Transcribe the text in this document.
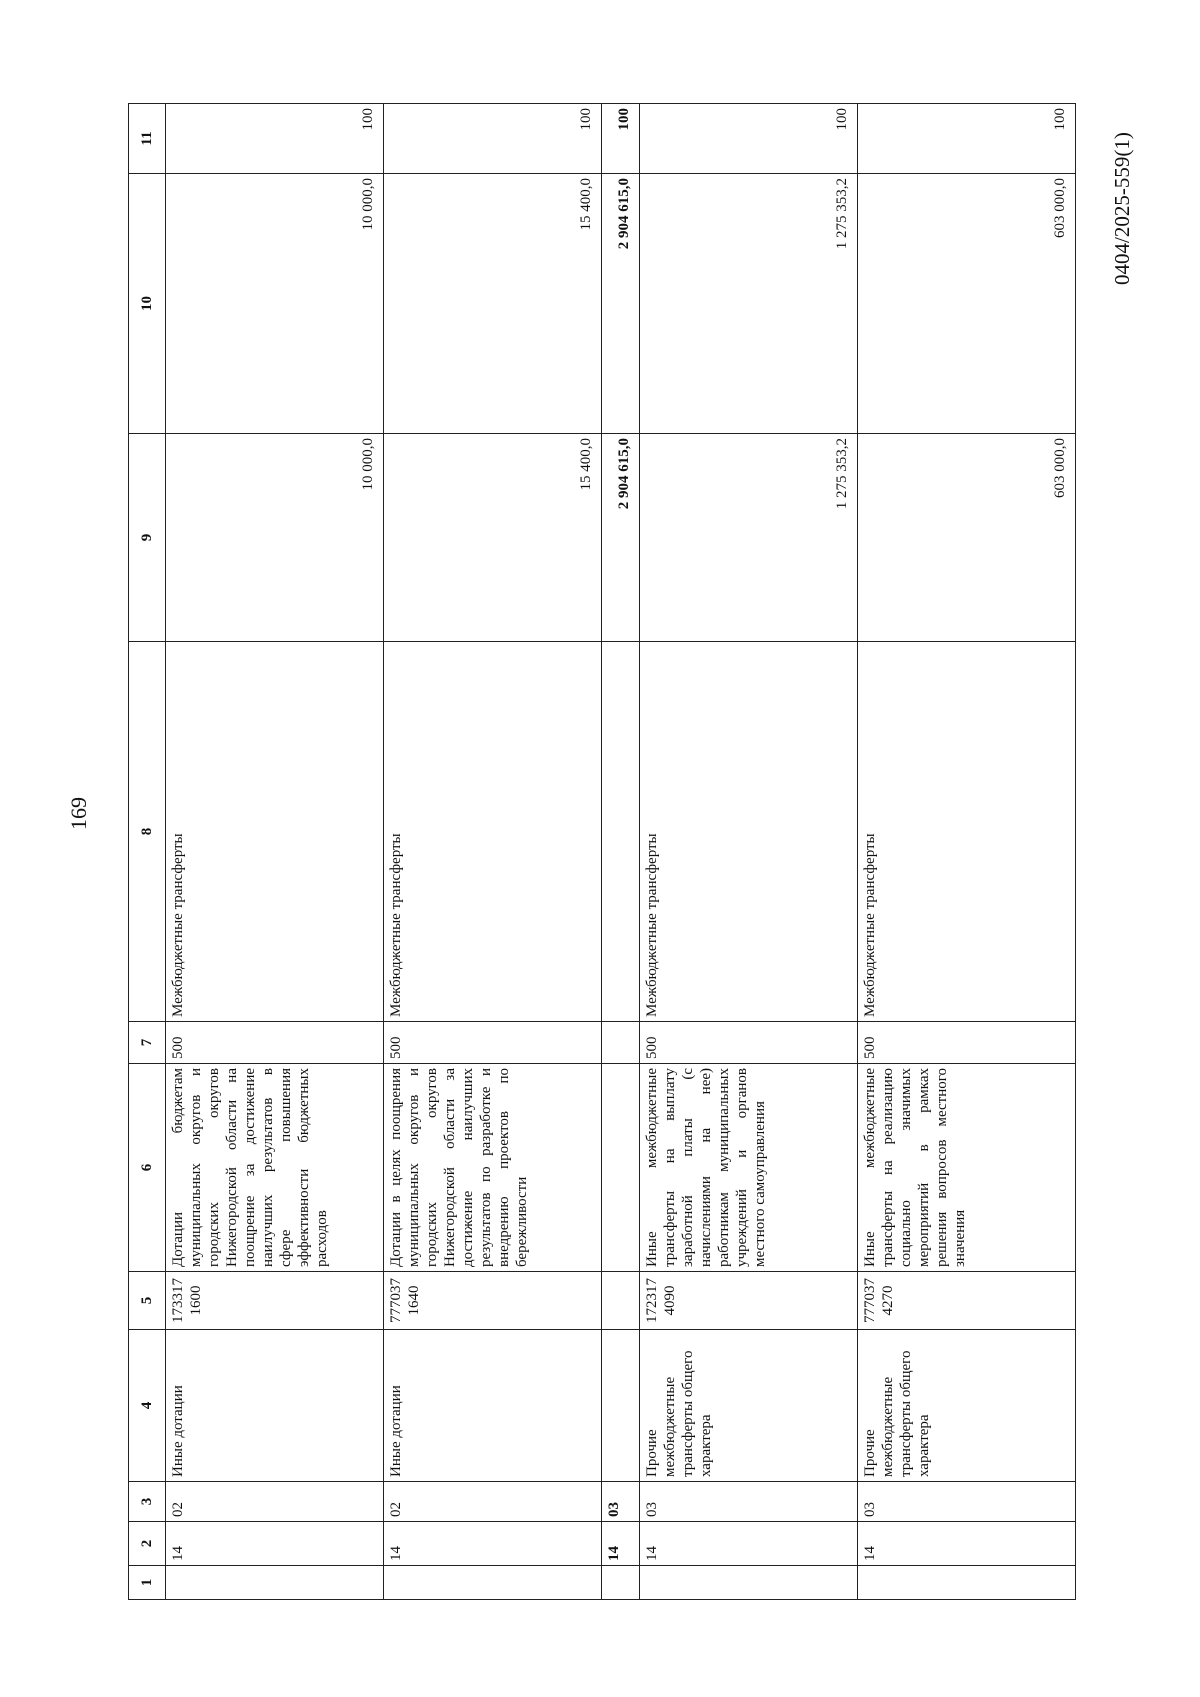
169
0404/2025-559(1)
1	2	3	4	5	6	7	8	9	10	11
	14	02	Иные дотации	173317 1600	Дотации бюджетам муниципальных округов и городских округов Нижегородской области на поощрение за достижение наилучших результатов в сфере повышения эффективности бюджетных расходов	500	Межбюджетные трансферты	10 000,0	10 000,0	100
	14	02	Иные дотации	777037 1640	Дотации в целях поощрения муниципальных округов и городских округов Нижегородской области за достижение наилучших результатов по разработке и внедрению проектов по бережливости	500	Межбюджетные трансферты	15 400,0	15 400,0	100
	14	03						2 904 615,0	2 904 615,0	100
	14	03	Прочие межбюджетные трансферты общего характера	172317 4090	Иные межбюджетные трансферты на выплату заработной платы (с начислениями на нее) работникам муниципальных учреждений и органов местного самоуправления	500	Межбюджетные трансферты	1 275 353,2	1 275 353,2	100
	14	03	Прочие межбюджетные трансферты общего характера	777037 4270	Иные межбюджетные трансферты на реализацию социально значимых мероприятий в рамках решения вопросов местного значения	500	Межбюджетные трансферты	603 000,0	603 000,0	100
